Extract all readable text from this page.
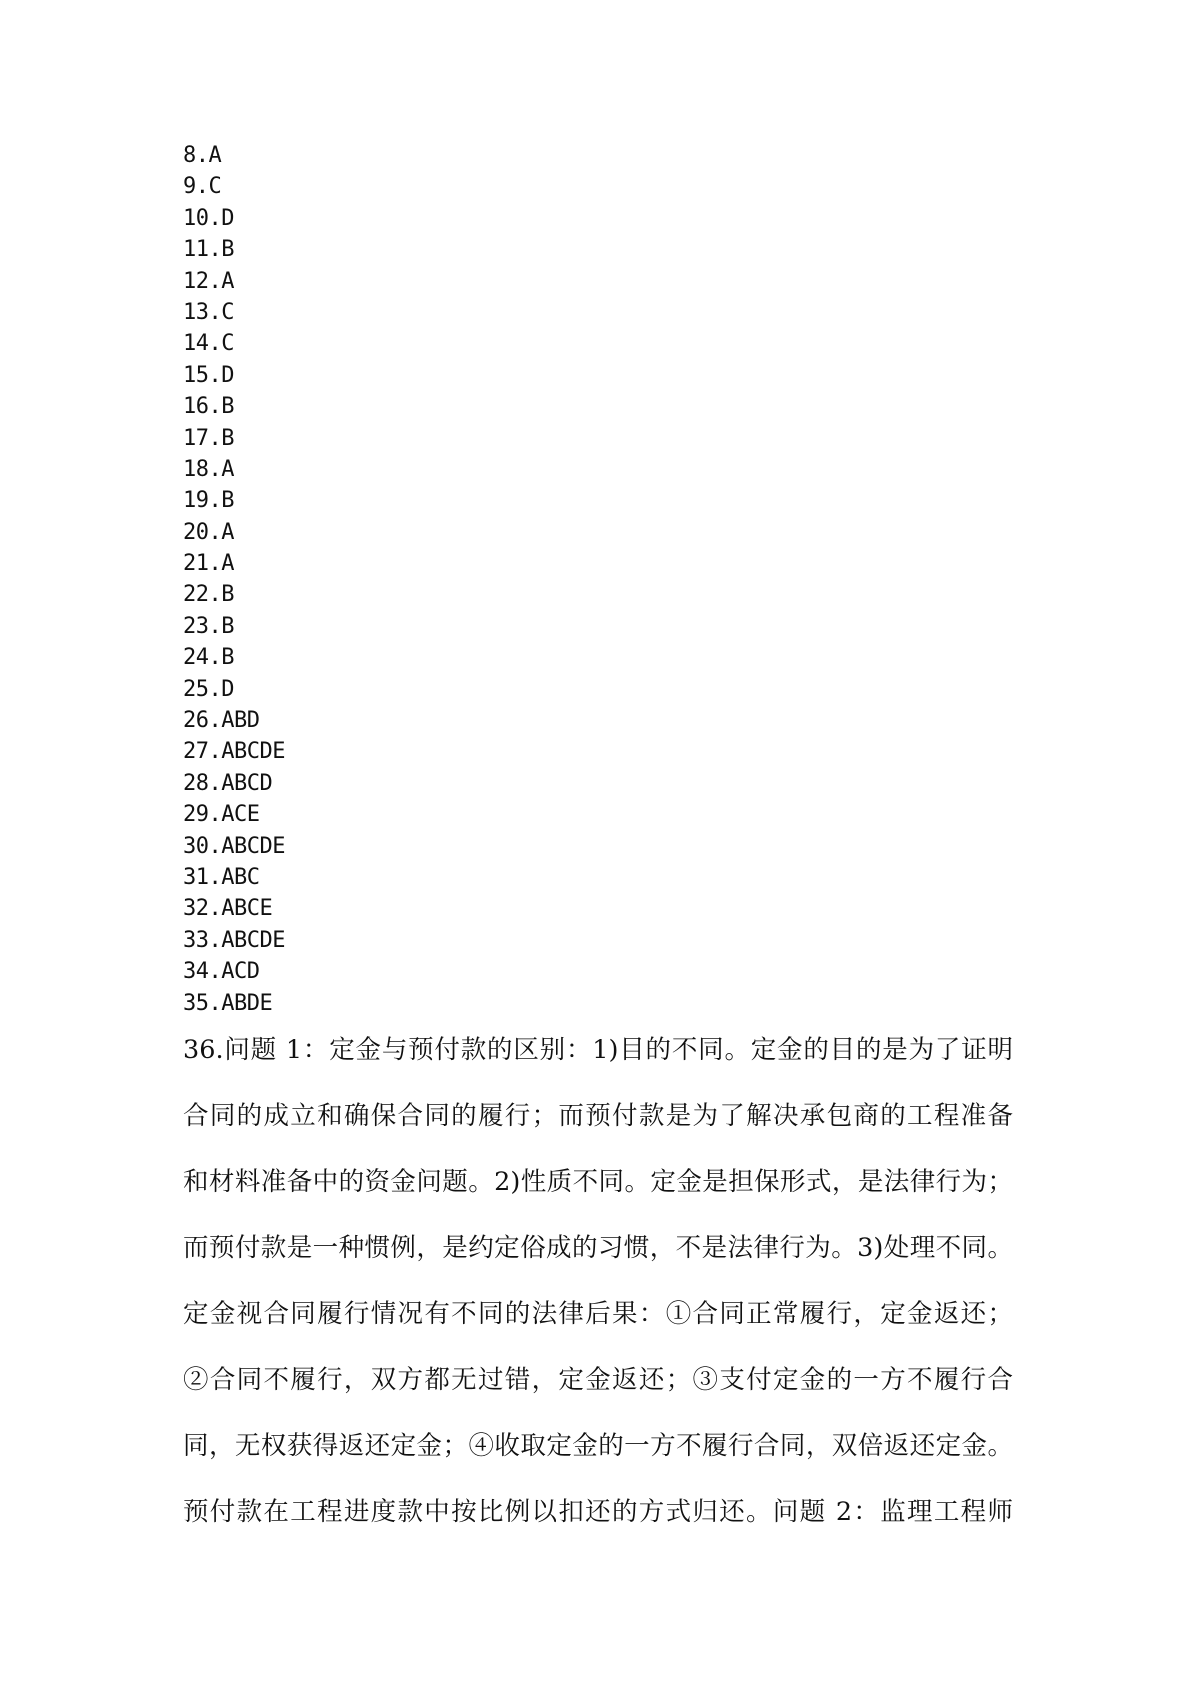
8.A
9.C
10.D
11.B
12.A
13.C
14.C
15.D
16.B
17.B
18.A
19.B
20.A
21.A
22.B
23.B
24.B
25.D
26.ABD
27.ABCDE
28.ABCD
29.ACE
30.ABCDE
31.ABC
32.ABCE
33.ABCDE
34.ACD
35.ABDE
36.问题 1：定金与预付款的区别：1)目的不同。定金的目的是为了证明
合同的成立和确保合同的履行；而预付款是为了解决承包商的工程准备
和材料准备中的资金问题。2)性质不同。定金是担保形式，是法律行为；
而预付款是一种惯例，是约定俗成的习惯，不是法律行为。3)处理不同。
定金视合同履行情况有不同的法律后果：①合同正常履行，定金返还；
②合同不履行，双方都无过错，定金返还；③支付定金的一方不履行合
同，无权获得返还定金；④收取定金的一方不履行合同，双倍返还定金。
预付款在工程进度款中按比例以扣还的方式归还。问题 2：监理工程师
